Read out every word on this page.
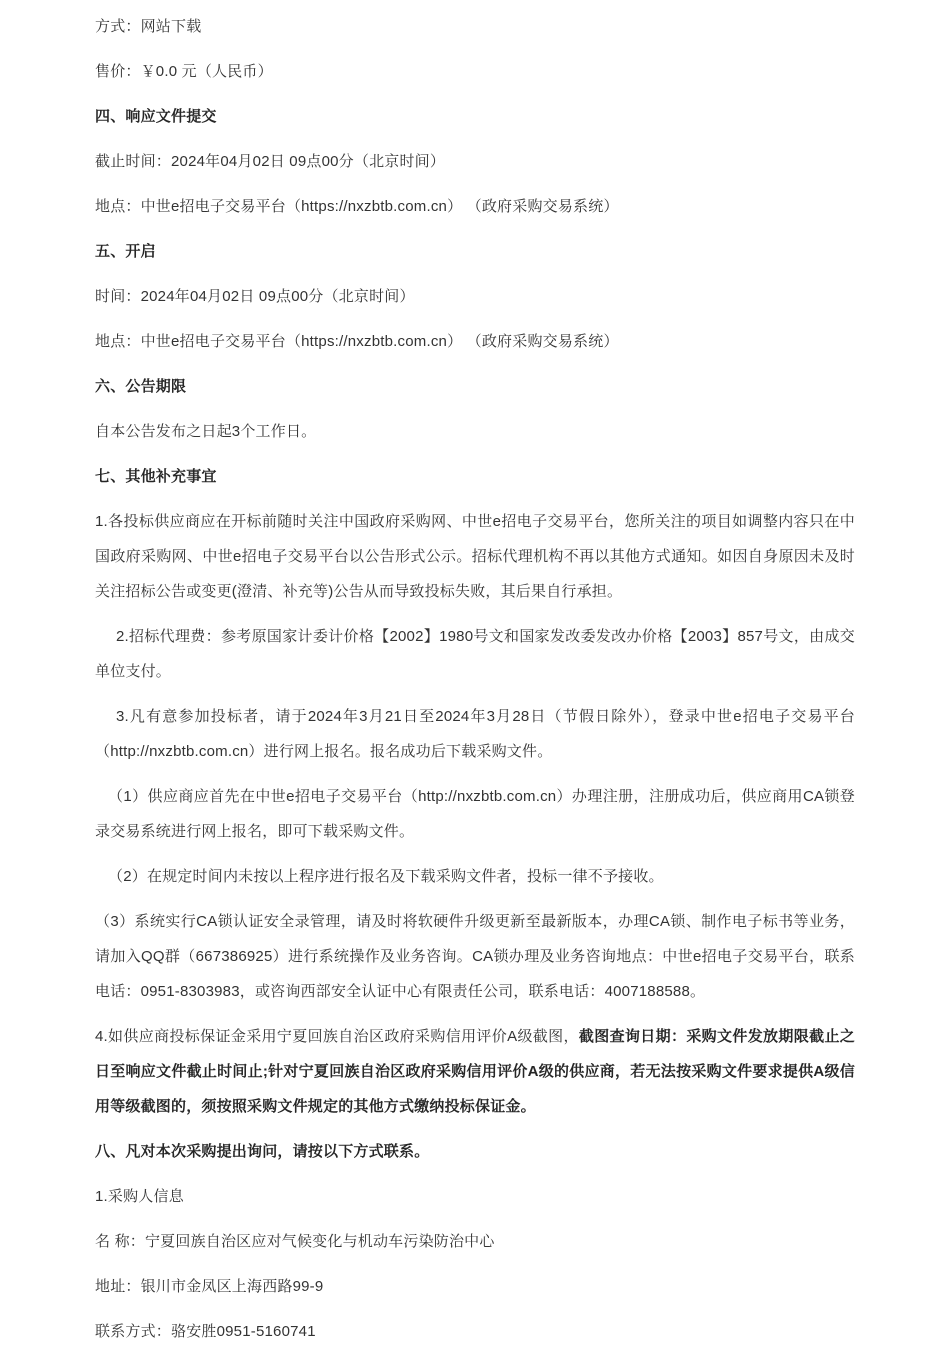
方式：网站下载

售价：￥0.0 元（人民币）

四、响应文件提交

截止时间：2024年04月02日 09点00分（北京时间）

地点：中世e招电子交易平台（https://nxzbtb.com.cn） （政府采购交易系统）

五、开启

时间：2024年04月02日 09点00分（北京时间）

地点：中世e招电子交易平台（https://nxzbtb.com.cn） （政府采购交易系统）

六、公告期限

自本公告发布之日起3个工作日。

七、其他补充事宜

1.各投标供应商应在开标前随时关注中国政府采购网、中世e招电子交易平台，您所关注的项目如调整内容只在中国政府采购网、中世e招电子交易平台以公告形式公示。招标代理机构不再以其他方式通知。如因自身原因未及时关注招标公告或变更(澄清、补充等)公告从而导致投标失败，其后果自行承担。

2.招标代理费：参考原国家计委计价格【2002】1980号文和国家发改委发改办价格【2003】857号文，由成交单位支付。

3.凡有意参加投标者，请于2024年3月21日至2024年3月28日（节假日除外），登录中世e招电子交易平台（http://nxzbtb.com.cn）进行网上报名。报名成功后下载采购文件。

（1）供应商应首先在中世e招电子交易平台（http://nxzbtb.com.cn）办理注册，注册成功后，供应商用CA锁登录交易系统进行网上报名，即可下载采购文件。

（2）在规定时间内未按以上程序进行报名及下载采购文件者，投标一律不予接收。

（3）系统实行CA锁认证安全录管理，请及时将软硬件升级更新至最新版本，办理CA锁、制作电子标书等业务，请加入QQ群（667386925）进行系统操作及业务咨询。CA锁办理及业务咨询地点：中世e招电子交易平台，联系电话：0951-8303983，或咨询西部安全认证中心有限责任公司，联系电话：4007188588。

4.如供应商投标保证金采用宁夏回族自治区政府采购信用评价A级截图，截图查询日期：采购文件发放期限截止之日至响应文件截止时间止;针对宁夏回族自治区政府采购信用评价A级的供应商，若无法按采购文件要求提供A级信用等级截图的，须按照采购文件规定的其他方式缴纳投标保证金。

八、凡对本次采购提出询问，请按以下方式联系。

1.采购人信息

名 称：宁夏回族自治区应对气候变化与机动车污染防治中心

地址：银川市金凤区上海西路99-9

联系方式：骆安胜0951-5160741
